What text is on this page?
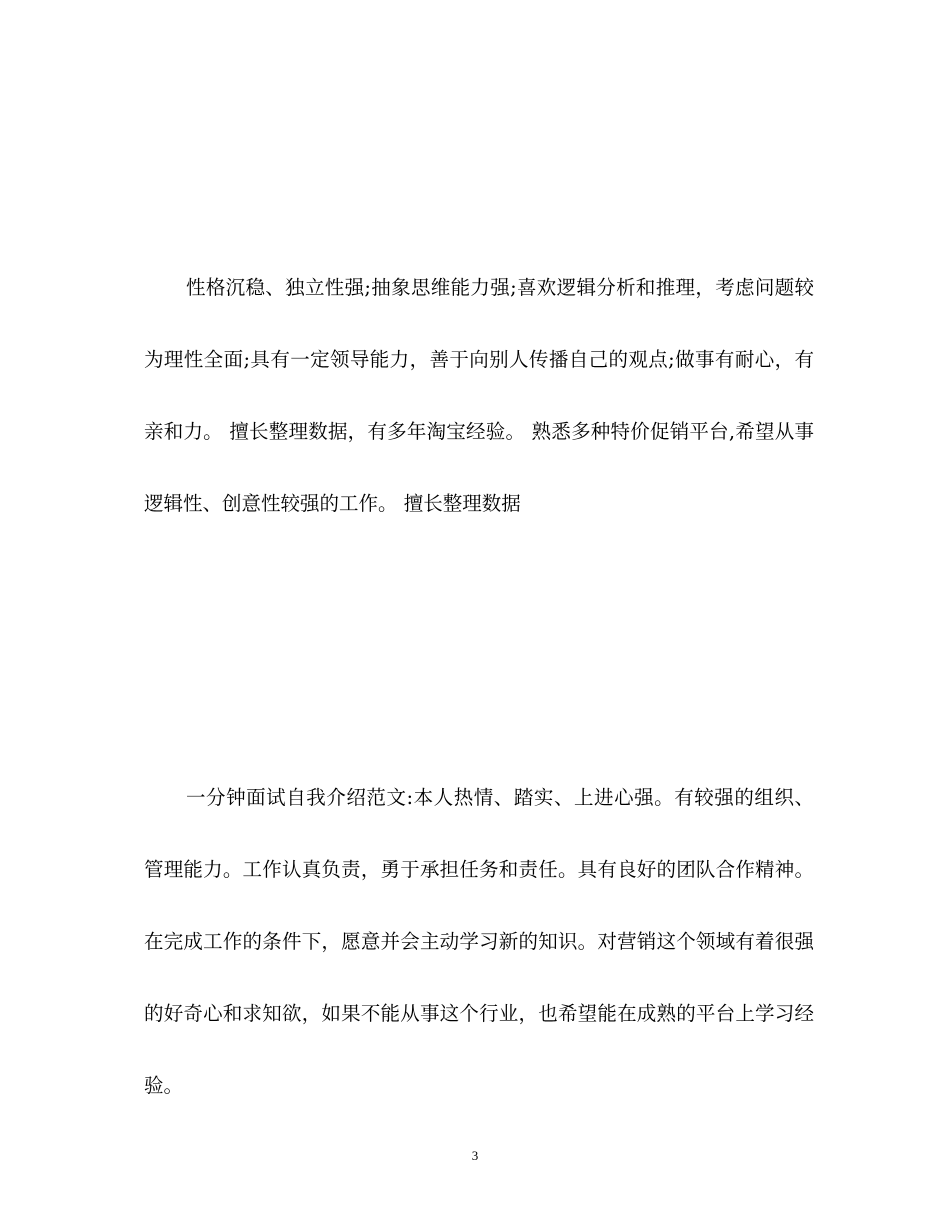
性格沉稳、独立性强;抽象思维能力强;喜欢逻辑分析和推理，考虑问题较为理性全面;具有一定领导能力，善于向别人传播自己的观点;做事有耐心，有亲和力。 擅长整理数据，有多年淘宝经验。 熟悉多种特价促销平台,希望从事逻辑性、创意性较强的工作。 擅长整理数据

一分钟面试自我介绍范文:本人热情、踏实、上进心强。有较强的组织、管理能力。工作认真负责，勇于承担任务和责任。具有良好的团队合作精神。在完成工作的条件下，愿意并会主动学习新的知识。对营销这个领域有着很强的好奇心和求知欲，如果不能从事这个行业，也希望能在成熟的平台上学习经验。

3
